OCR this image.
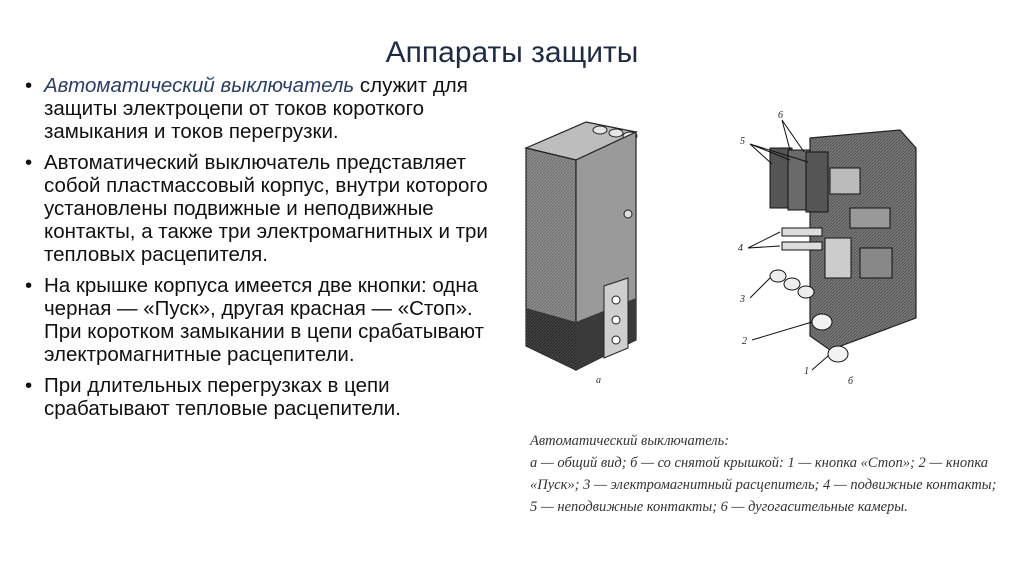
Аппараты защиты
• Автоматический выключатель служит для защиты электроцепи от токов короткого замыкания и токов перегрузки.
• Автоматический выключатель представляет собой пластмассовый корпус, внутри которого установлены подвижные и неподвижные контакты, а также три электромагнитных и три тепловых расцепителя.
• На крышке корпуса имеется две кнопки: одна черная — «Пуск», другая красная — «Стоп». При коротком замыкании в цепи срабатывают электромагнитные расцепители.
• При длительных перегрузках в цепи срабатывают тепловые расцепители.
а
6
5
4
3
2
1
б
Автоматический выключатель:
а — общий вид; б — со снятой крышкой: 1 — кнопка «Стоп»; 2 — кнопка «Пуск»; 3 — электромагнитный расцепитель; 4 — подвижные контакты; 5 — неподвижные контакты; 6 — дугогасительные камеры.
